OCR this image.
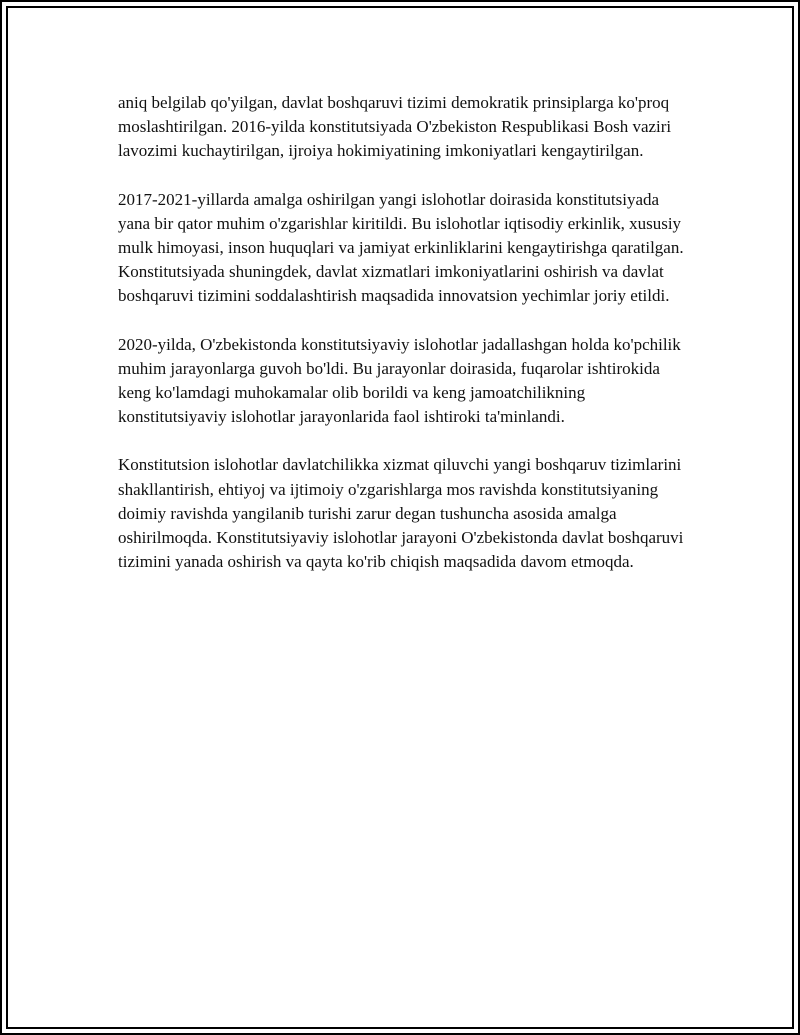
aniq belgilab qo'yilgan, davlat boshqaruvi tizimi demokratik prinsiplarga ko'proq moslashtirilgan. 2016-yilda konstitutsiyada O'zbekiston Respublikasi Bosh vaziri lavozimi kuchaytirilgan, ijroiya hokimiyatining imkoniyatlari kengaytirilgan.

2017-2021-yillarda amalga oshirilgan yangi islohotlar doirasida konstitutsiyada yana bir qator muhim o'zgarishlar kiritildi. Bu islohotlar iqtisodiy erkinlik, xususiy mulk himoyasi, inson huquqlari va jamiyat erkinliklarini kengaytirishga qaratilgan. Konstitutsiyada shuningdek, davlat xizmatlari imkoniyatlarini oshirish va davlat boshqaruvi tizimini soddalashtirish maqsadida innovatsion yechimlar joriy etildi.

2020-yilda, O'zbekistonda konstitutsiyaviy islohotlar jadallashgan holda ko'pchilik muhim jarayonlarga guvoh bo'ldi. Bu jarayonlar doirasida, fuqarolar ishtirokida keng ko'lamdagi muhokamalar olib borildi va keng jamoatchilikning konstitutsiyaviy islohotlar jarayonlarida faol ishtiroki ta'minlandi.

Konstitutsion islohotlar davlatchilikka xizmat qiluvchi yangi boshqaruv tizimlarini shakllantirish, ehtiyoj va ijtimoiy o'zgarishlarga mos ravishda konstitutsiyaning doimiy ravishda yangilanib turishi zarur degan tushuncha asosida amalga oshirilmoqda. Konstitutsiyaviy islohotlar jarayoni O'zbekistonda davlat boshqaruvi tizimini yanada oshirish va qayta ko'rib chiqish maqsadida davom etmoqda.
